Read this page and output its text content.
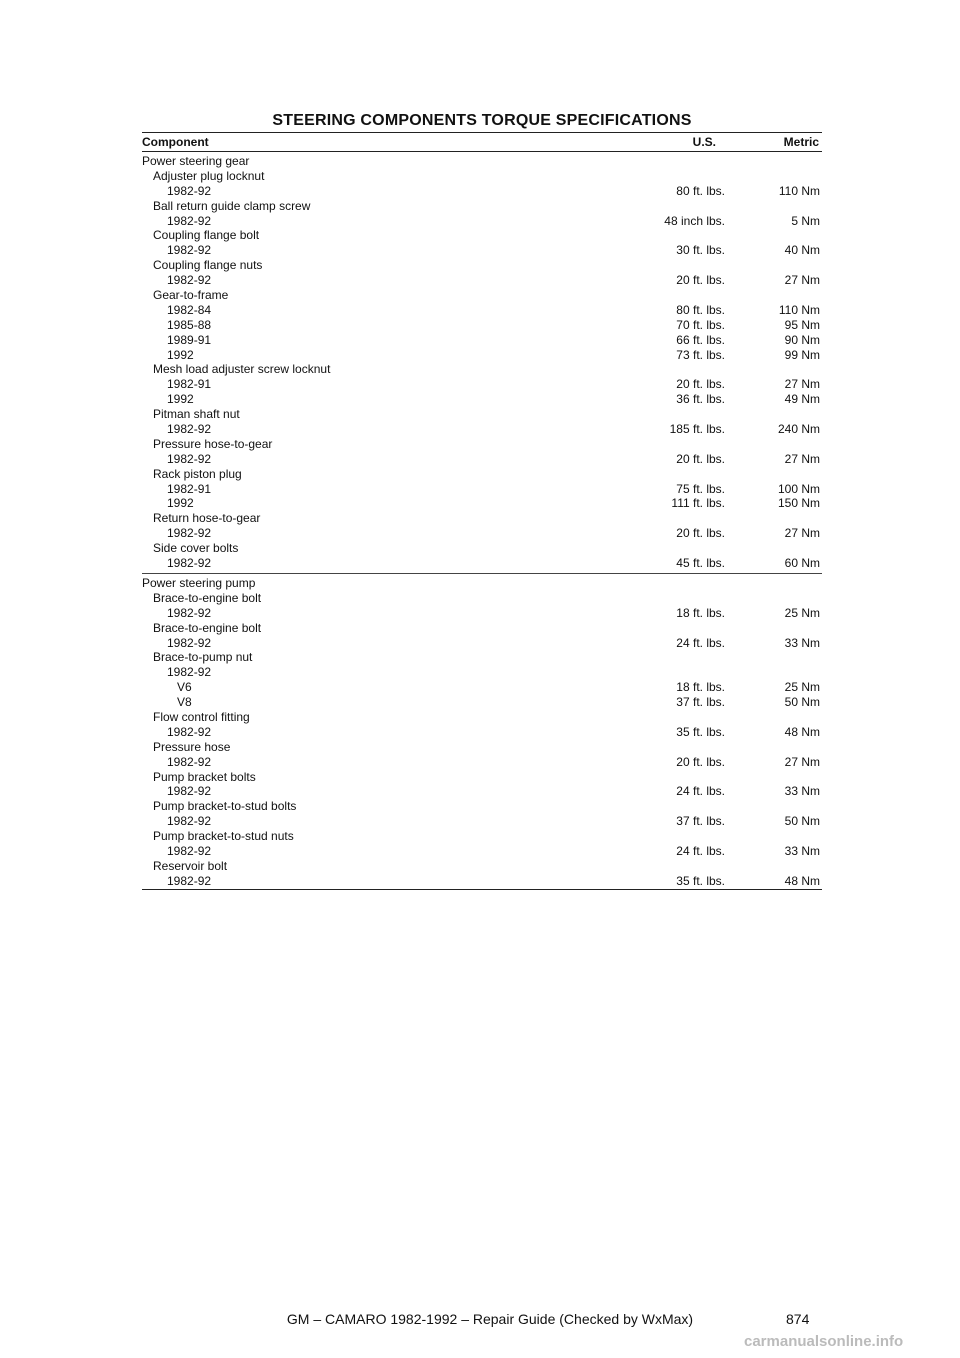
STEERING COMPONENTS TORQUE SPECIFICATIONS
Component	U.S.	Metric
Power steering gear
Adjuster plug locknut
1982-92	80 ft. lbs.	110 Nm
Ball return guide clamp screw
1982-92	48 inch lbs.	5 Nm
Coupling flange bolt
1982-92	30 ft. lbs.	40 Nm
Coupling flange nuts
1982-92	20 ft. lbs.	27 Nm
Gear-to-frame
1982-84	80 ft. lbs.	110 Nm
1985-88	70 ft. lbs.	95 Nm
1989-91	66 ft. lbs.	90 Nm
1992	73 ft. lbs.	99 Nm
Mesh load adjuster screw locknut
1982-91	20 ft. lbs.	27 Nm
1992	36 ft. lbs.	49 Nm
Pitman shaft nut
1982-92	185 ft. lbs.	240 Nm
Pressure hose-to-gear
1982-92	20 ft. lbs.	27 Nm
Rack piston plug
1982-91	75 ft. lbs.	100 Nm
1992	111 ft. lbs.	150 Nm
Return hose-to-gear
1982-92	20 ft. lbs.	27 Nm
Side cover bolts
1982-92	45 ft. lbs.	60 Nm
Power steering pump
Brace-to-engine bolt
1982-92	18 ft. lbs.	25 Nm
Brace-to-engine bolt
1982-92	24 ft. lbs.	33 Nm
Brace-to-pump nut
1982-92
V6	18 ft. lbs.	25 Nm
V8	37 ft. lbs.	50 Nm
Flow control fitting
1982-92	35 ft. lbs.	48 Nm
Pressure hose
1982-92	20 ft. lbs.	27 Nm
Pump bracket bolts
1982-92	24 ft. lbs.	33 Nm
Pump bracket-to-stud bolts
1982-92	37 ft. lbs.	50 Nm
Pump bracket-to-stud nuts
1982-92	24 ft. lbs.	33 Nm
Reservoir bolt
1982-92	35 ft. lbs.	48 Nm
GM – CAMARO 1982-1992 – Repair Guide (Checked by WxMax)	874
carmanualsonline.info
